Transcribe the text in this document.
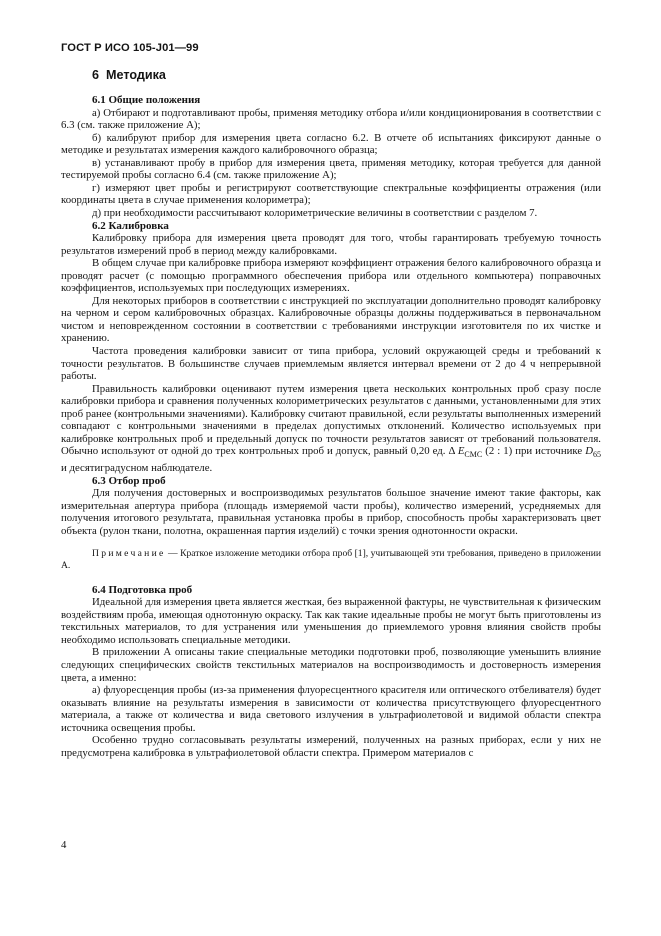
ГОСТ Р ИСО 105-J01—99
6 Методика
6.1 Общие положения

а) Отбирают и подготавливают пробы, применяя методику отбора и/или кондиционирования в соответствии с 6.3 (см. также приложение А);

б) калибруют прибор для измерения цвета согласно 6.2. В отчете об испытаниях фиксируют данные о методике и результатах измерения каждого калибровочного образца;

в) устанавливают пробу в прибор для измерения цвета, применяя методику, которая требуется для данной тестируемой пробы согласно 6.4 (см. также приложение А);

г) измеряют цвет пробы и регистрируют соответствующие спектральные коэффициенты отражения (или координаты цвета в случае применения колориметра);

д) при необходимости рассчитывают колориметрические величины в соответствии с разделом 7.

6.2 Калибровка

Калибровку прибора для измерения цвета проводят для того, чтобы гарантировать требуемую точность результатов измерений проб в период между калибровками.

В общем случае при калибровке прибора измеряют коэффициент отражения белого калибровочного образца и проводят расчет (с помощью программного обеспечения прибора или отдельного компьютера) поправочных коэффициентов, используемых при последующих измерениях.

Для некоторых приборов в соответствии с инструкцией по эксплуатации дополнительно проводят калибровку на черном и сером калибровочных образцах. Калибровочные образцы должны поддерживаться в первоначальном чистом и неповрежденном состоянии в соответствии с требованиями инструкции изготовителя по их чистке и хранению.

Частота проведения калибровки зависит от типа прибора, условий окружающей среды и требований к точности результатов. В большинстве случаев приемлемым является интервал времени от 2 до 4 ч непрерывной работы.

Правильность калибровки оценивают путем измерения цвета нескольких контрольных проб сразу после калибровки прибора и сравнения полученных колориметрических результатов с данными, установленными для этих проб ранее (контрольными значениями). Калибровку считают правильной, если результаты выполненных измерений совпадают с контрольными значениями в пределах допустимых отклонений. Количество используемых при калибровке контрольных проб и предельный допуск по точности результатов зависят от требований пользователя. Обычно используют от одной до трех контрольных проб и допуск, равный 0,20 ед. Δ $E_{CMC}$ (2 : 1) при источнике $D_{65}$ и десятиградусном наблюдателе.

6.3 Отбор проб

Для получения достоверных и воспроизводимых результатов большое значение имеют такие факторы, как измерительная апертура прибора (площадь измеряемой части пробы), количество измерений, усредняемых для получения итогового результата, правильная установка пробы в прибор, способность пробы характеризовать цвет объекта (рулон ткани, полотна, окрашенная партия изделий) с точки зрения однотонности окраски.

Примечание — Краткое изложение методики отбора проб [1], учитывающей эти требования, приведено в приложении А.

6.4 Подготовка проб

Идеальной для измерения цвета является жесткая, без выраженной фактуры, не чувствительная к физическим воздействиям проба, имеющая однотонную окраску. Так как такие идеальные пробы не могут быть приготовлены из текстильных материалов, то для устранения или уменьшения до приемлемого уровня влияния свойств пробы необходимо использовать специальные методики.

В приложении А описаны такие специальные методики подготовки проб, позволяющие уменьшить влияние следующих специфических свойств текстильных материалов на воспроизводимость и достоверность измерения цвета, а именно:

а) флуоресценция пробы (из-за применения флуоресцентного красителя или оптического отбеливателя) будет оказывать влияние на результаты измерения в зависимости от количества присутствующего флуоресцентного материала, а также от количества и вида светового излучения в ультрафиолетовой и видимой области спектра источника освещения пробы.

Особенно трудно согласовывать результаты измерений, полученных на разных приборах, если у них не предусмотрена калибровка в ультрафиолетовой области спектра. Примером материалов с

4
